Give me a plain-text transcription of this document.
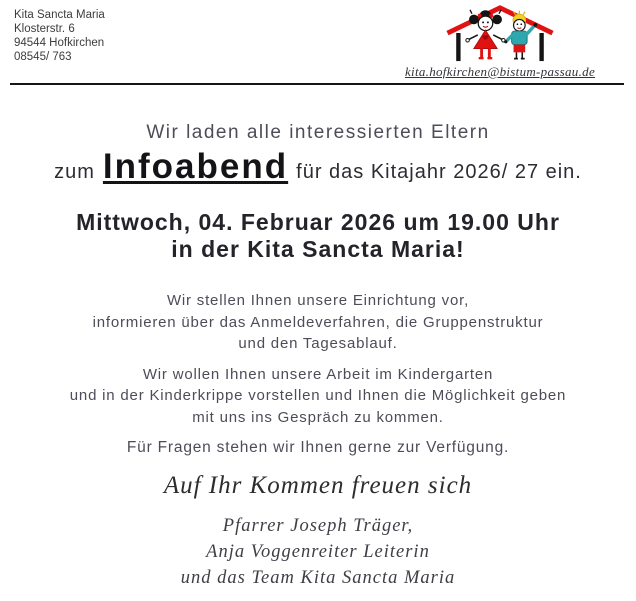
Kita Sancta Maria
Klosterstr. 6
94544 Hofkirchen
08545/ 763
kita.hofkirchen@bistum-passau.de

Wir laden alle interessierten Eltern

zum Infoabend für das Kitajahr 2026/ 27 ein.

Mittwoch, 04. Februar 2026 um 19.00 Uhr
in der Kita Sancta Maria!

Wir stellen Ihnen unsere Einrichtung vor,
informieren über das Anmeldeverfahren, die Gruppenstruktur
und den Tagesablauf.

Wir wollen Ihnen unsere Arbeit im Kindergarten
und in der Kinderkrippe vorstellen und Ihnen die Möglichkeit geben
mit uns ins Gespräch zu kommen.

Für Fragen stehen wir Ihnen gerne zur Verfügung.

Auf Ihr Kommen freuen sich

Pfarrer Joseph Träger,
Anja Voggenreiter Leiterin
und das Team Kita Sancta Maria
